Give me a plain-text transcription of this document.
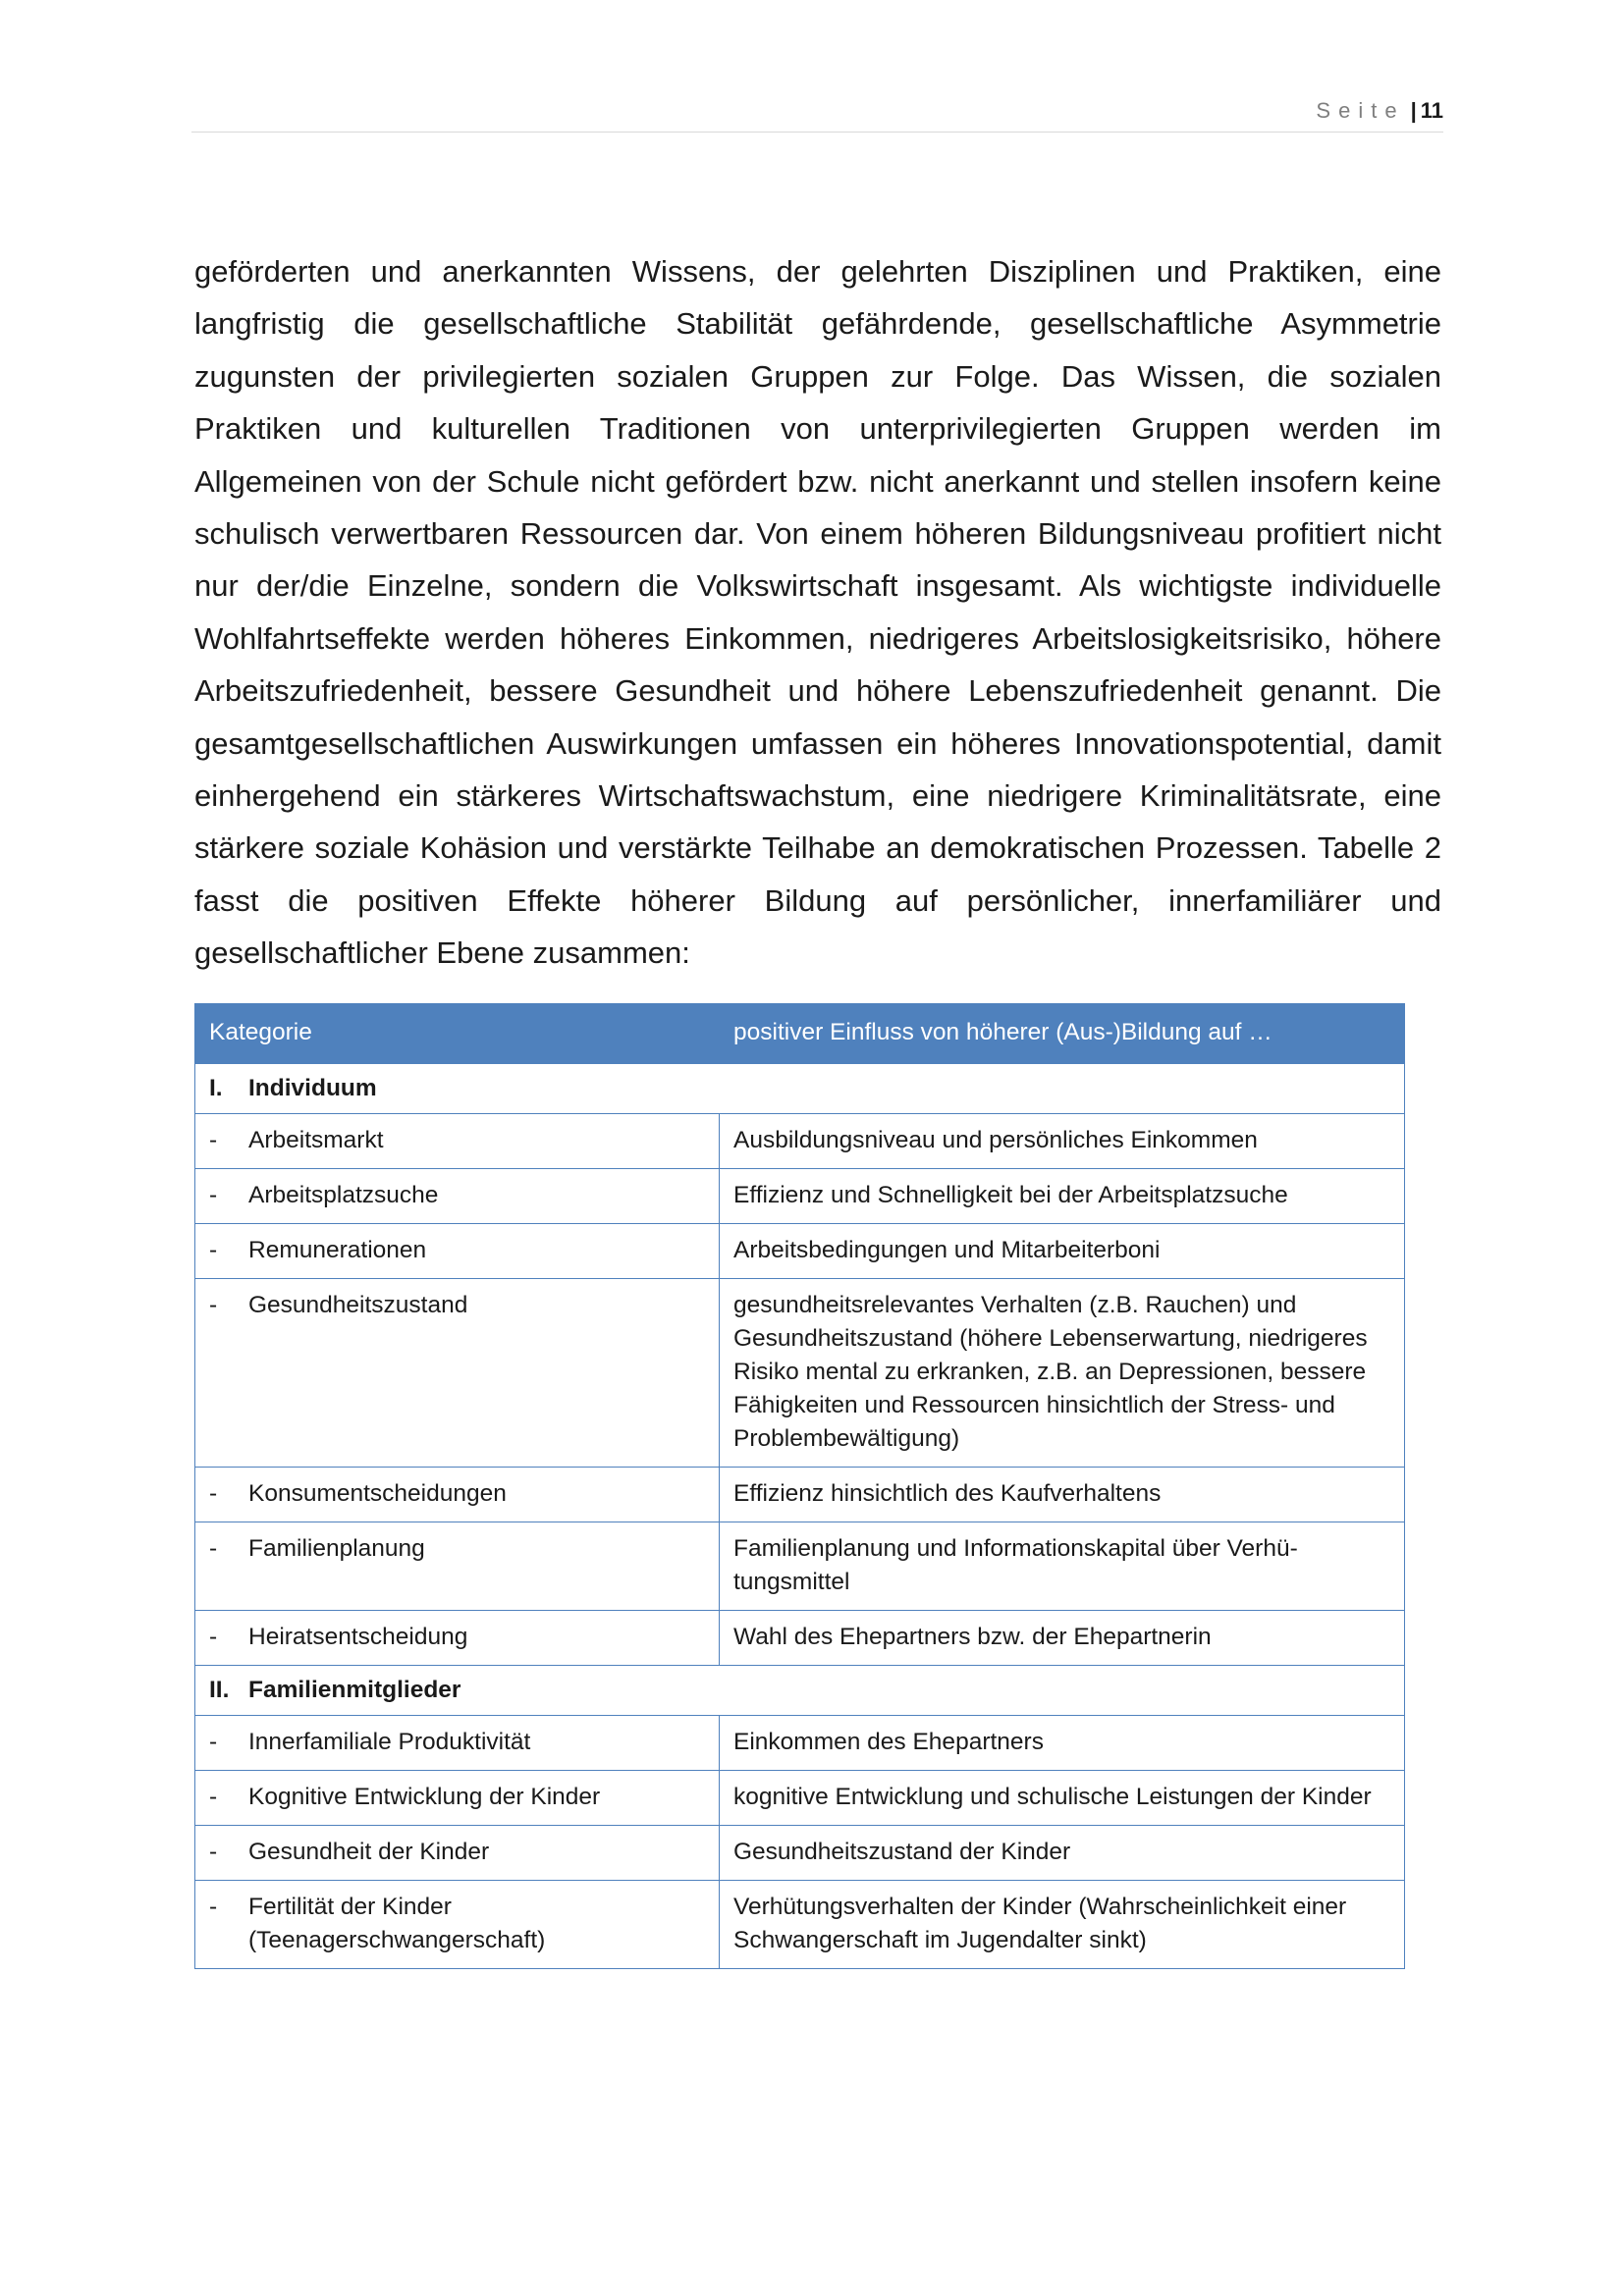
Seite | 11

geförderten und anerkannten Wissens, der gelehrten Disziplinen und Praktiken, eine langfristig die gesellschaftliche Stabilität gefährdende, gesellschaftliche Asymmetrie zugunsten der privilegierten sozialen Gruppen zur Folge. Das Wissen, die sozialen Praktiken und kulturellen Traditionen von unterprivilegierten Gruppen werden im Allgemeinen von der Schule nicht gefördert bzw. nicht anerkannt und stellen insofern keine schulisch verwertbaren Ressourcen dar. Von einem höheren Bildungsniveau profitiert nicht nur der/die Einzelne, sondern die Volkswirtschaft insgesamt. Als wichtigste individuelle Wohlfahrtseffekte werden höheres Einkommen, niedrigeres Arbeitslosigkeitsrisiko, höhere Arbeitszufriedenheit, bessere Gesundheit und höhere Lebenszufriedenheit genannt. Die gesamtgesellschaftlichen Auswirkungen umfassen ein höheres Innovationspotential, damit einhergehend ein stärkeres Wirtschaftswachstum, eine niedrigere Kriminalitätsrate, eine stärkere soziale Kohäsion und verstärkte Teilhabe an demokratischen Prozessen. Tabelle 2 fasst die positiven Effekte höherer Bildung auf persönlicher, innerfamiliärer und gesellschaftlicher Ebene zusammen:

Kategorie	positiver Einfluss von höherer (Aus-)Bildung auf …

I. Individuum	

- Arbeitsmarkt	Ausbildungsniveau und persönliches Einkommen

- Arbeitsplatzsuche	Effizienz und Schnelligkeit bei der Arbeitsplatzsuche

- Remunerationen	Arbeitsbedingungen und Mitarbeiterboni

- Gesundheitszustand	gesundheitsrelevantes Verhalten (z.B. Rauchen) und Gesundheitszustand (höhere Lebenserwartung, niedrigeres Risiko mental zu erkranken, z.B. an Depressionen, bessere Fähigkeiten und Ressourcen hinsichtlich der Stress- und Problembewältigung)

- Konsumentscheidungen	Effizienz hinsichtlich des Kaufverhaltens

- Familienplanung	Familienplanung und Informationskapital über Verhü-tungsmittel

- Heiratsentscheidung	Wahl des Ehepartners bzw. der Ehepartnerin

II. Familienmitglieder	

- Innerfamiliale Produktivität	Einkommen des Ehepartners

- Kognitive Entwicklung der Kinder	kognitive Entwicklung und schulische Leistungen der Kinder

- Gesundheit der Kinder	Gesundheitszustand der Kinder

- Fertilität der Kinder (Teenagerschwangerschaft)	Verhütungsverhalten der Kinder (Wahrscheinlichkeit einer Schwangerschaft im Jugendalter sinkt)
